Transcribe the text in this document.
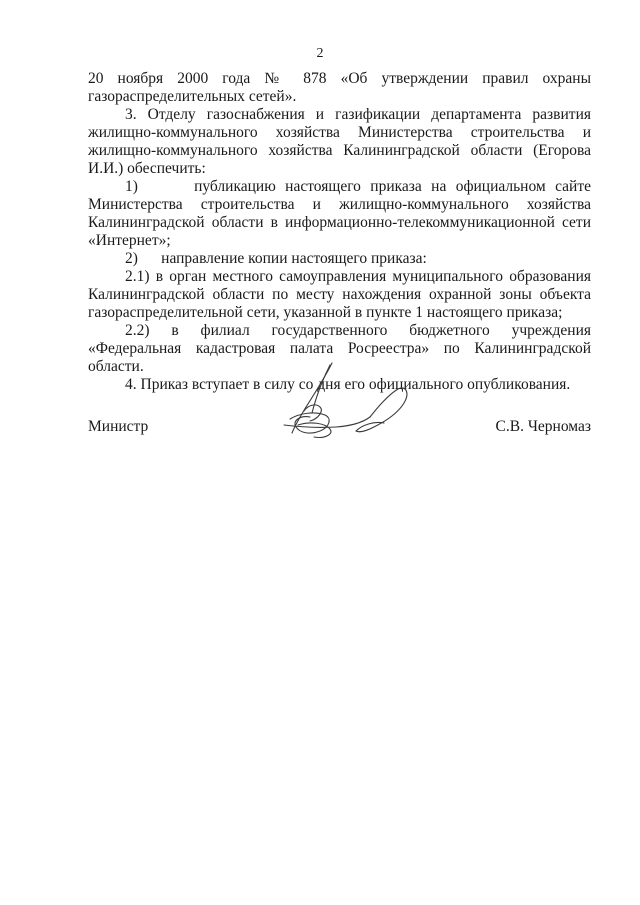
2

20 ноября 2000 года № 878 «Об утверждении правил охраны газораспределительных сетей».

3. Отделу газоснабжения и газификации департамента развития жилищно-коммунального хозяйства Министерства строительства и жилищно-коммунального хозяйства Калининградской области (Егорова И.И.) обеспечить:

1)	публикацию настоящего приказа на официальном сайте Министерства строительства и жилищно-коммунального хозяйства Калининградской области в информационно-телекоммуникационной сети «Интернет»;

2) направление копии настоящего приказа:

2.1) в орган местного самоуправления муниципального образования Калининградской области по месту нахождения охранной зоны объекта газораспределительной сети, указанной в пункте 1 настоящего приказа;

2.2) в филиал государственного бюджетного учреждения «Федеральная кадастровая палата Росреестра» по Калининградской области.

4. Приказ вступает в силу со дня его официального опубликования.

Министр	С.В. Черномаз
